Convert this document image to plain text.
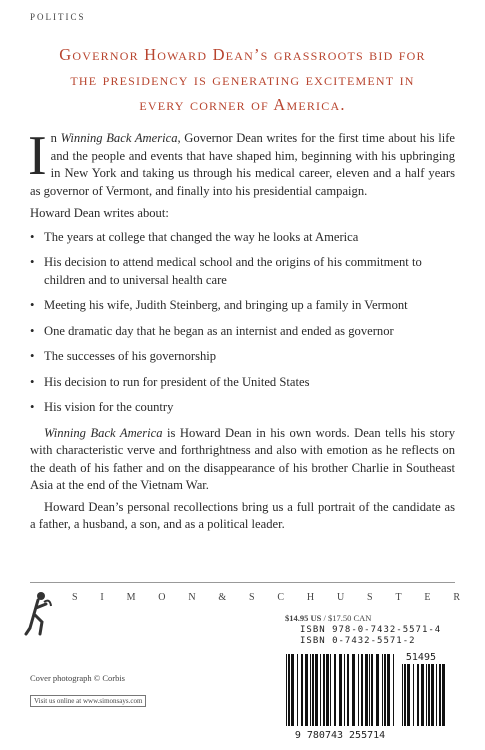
POLITICS
Governor Howard Dean’s grassroots bid for
the presidency is generating excitement in
every corner of America.

In Winning Back America, Governor Dean writes for the first time about his life and the people and events that have shaped him, beginning with his upbringing in New York and taking us through his medical career, eleven and a half years as governor of Vermont, and finally into his presidential campaign.

Howard Dean writes about:

• The years at college that changed the way he looks at America
• His decision to attend medical school and the origins of his commitment to children and to universal health care
• Meeting his wife, Judith Steinberg, and bringing up a family in Vermont
• One dramatic day that he began as an internist and ended as governor
• The successes of his governorship
• His decision to run for president of the United States
• His vision for the country

Winning Back America is Howard Dean in his own words. Dean tells his story with characteristic verve and forthrightness and also with emotion as he reflects on the death of his father and on the disappearance of his brother Charlie in Southeast Asia at the end of the Vietnam War.

Howard Dean’s personal recollections bring us a full portrait of the candidate as a father, a husband, a son, and as a political leader.

S I M O N & S C H U S T E R
$14.95 US / $17.50 CAN
ISBN 978-0-7432-5571-4
ISBN 0-7432-5571-2
51495
9 780743 255714
Cover photograph © Corbis
Visit us online at www.simonsays.com
